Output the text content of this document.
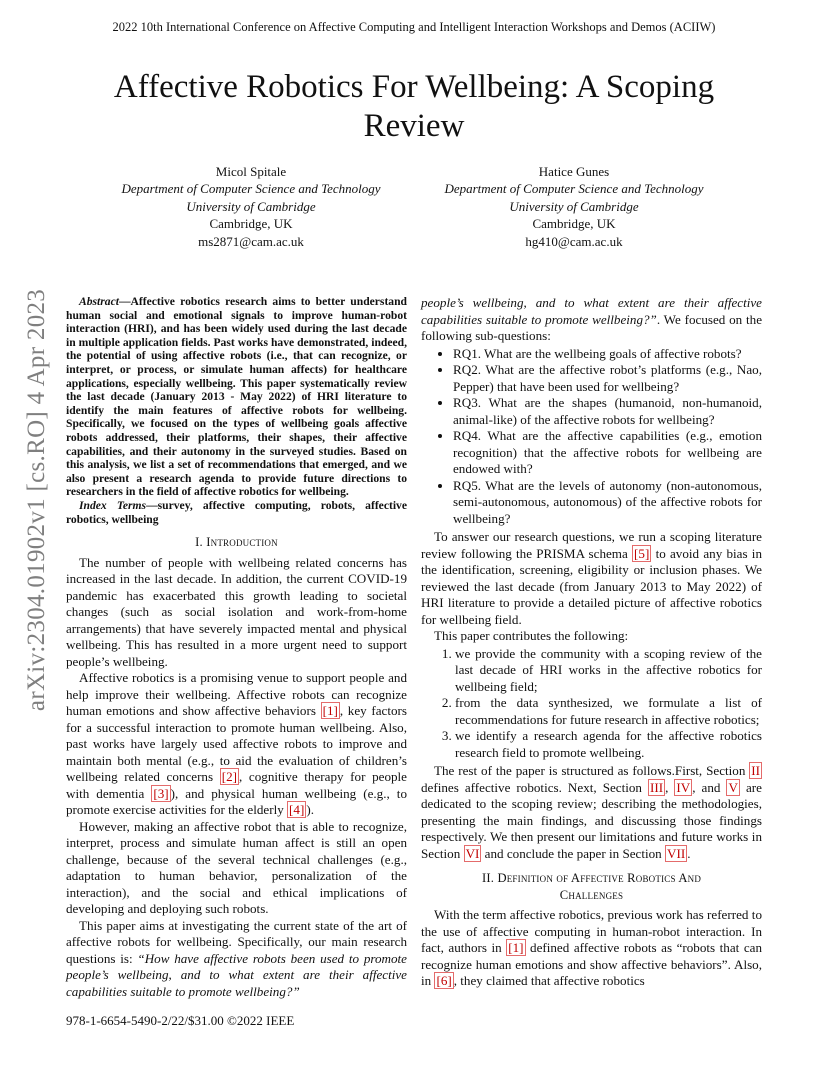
2022 10th International Conference on Affective Computing and Intelligent Interaction Workshops and Demos (ACIIW)
Affective Robotics For Wellbeing: A Scoping Review
Micol Spitale
Department of Computer Science and Technology
University of Cambridge
Cambridge, UK
ms2871@cam.ac.uk
Hatice Gunes
Department of Computer Science and Technology
University of Cambridge
Cambridge, UK
hg410@cam.ac.uk
arXiv:2304.01902v1 [cs.RO] 4 Apr 2023	Abstract—Affective robotics research aims to better understand human social and emotional signals to improve human-robot interaction (HRI), and has been widely used during the last decade in multiple application fields. Past works have demonstrated, indeed, the potential of using affective robots (i.e., that can recognize, or interpret, or process, or simulate human affects) for healthcare applications, especially wellbeing. This paper systematically review the last decade (January 2013 - May 2022) of HRI literature to identify the main features of affective robots for wellbeing. Specifically, we focused on the types of wellbeing goals affective robots addressed, their platforms, their shapes, their affective capabilities, and their autonomy in the surveyed studies. Based on this analysis, we list a set of recommendations that emerged, and we also present a research agenda to provide future directions to researchers in the field of affective robotics for wellbeing.

Index Terms—survey, affective computing, robots, affective robotics, wellbeing

I. Introduction

The number of people with wellbeing related concerns has increased in the last decade. In addition, the current COVID-19 pandemic has exacerbated this growth leading to societal changes (such as social isolation and work-from-home arrangements) that have severely impacted mental and physical wellbeing. This has resulted in a more urgent need to support people’s wellbeing.

Affective robotics is a promising venue to support people and help improve their wellbeing. Affective robots can recognize human emotions and show affective behaviors [1] , key factors for a successful interaction to promote human wellbeing. Also, past works have largely used affective robots to improve and maintain both mental (e.g., to aid the evaluation of children’s wellbeing related concerns [2] , cognitive therapy for people with dementia [3] ), and physical human wellbeing (e.g., to promote exercise activities for the elderly [4] ).

However, making an affective robot that is able to recognize, interpret, process and simulate human affect is still an open challenge, because of the several technical challenges (e.g., adaptation to human behavior, personalization of the interaction), and the social and ethical implications of developing and deploying such robots.

This paper aims at investigating the current state of the art of affective robots for wellbeing. Specifically, our main research questions is: “How have affective robots been used to promote people’s wellbeing, and to what extent are their affective capabilities suitable to promote wellbeing?”

people’s wellbeing, and to what extent are their affective capabilities suitable to promote wellbeing?”. We focused on the following sub-questions:

• RQ1. What are the wellbeing goals of affective robots?
• RQ2. What are the affective robot’s platforms (e.g., Nao, Pepper) that have been used for wellbeing?
• RQ3. What are the shapes (humanoid, non-humanoid, animal-like) of the affective robots for wellbeing?
• RQ4. What are the affective capabilities (e.g., emotion recognition) that the affective robots for wellbeing are endowed with?
• RQ5. What are the levels of autonomy (non-autonomous, semi-autonomous, autonomous) of the affective robots for wellbeing?

To answer our research questions, we run a scoping literature review following the PRISMA schema [5] to avoid any bias in the identification, screening, eligibility or inclusion phases. We reviewed the last decade (from January 2013 to May 2022) of HRI literature to provide a detailed picture of affective robotics for wellbeing field.

This paper contributes the following:

1. we provide the community with a scoping review of the last decade of HRI works in the affective robotics for wellbeing field;
2. from the data synthesized, we formulate a list of recommendations for future research in affective robotics;
3. we identify a research agenda for the affective robotics research field to promote wellbeing.

The rest of the paper is structured as follows.First, Section II defines affective robotics. Next, Section III , IV , and V are dedicated to the scoping review; describing the methodologies, presenting the main findings, and discussing those findings respectively. We then present our limitations and future works in Section VI and conclude the paper in Section VII .

II. Definition of Affective Robotics And
Challenges

With the term affective robotics, previous work has referred to the use of affective computing in human-robot interaction. In fact, authors in [1] defined affective robots as “robots that can recognize human emotions and show affective behaviors”. Also, in [6] , they claimed that affective robotics

978-1-6654-5490-2/22/$31.00 ©2022 IEEE
